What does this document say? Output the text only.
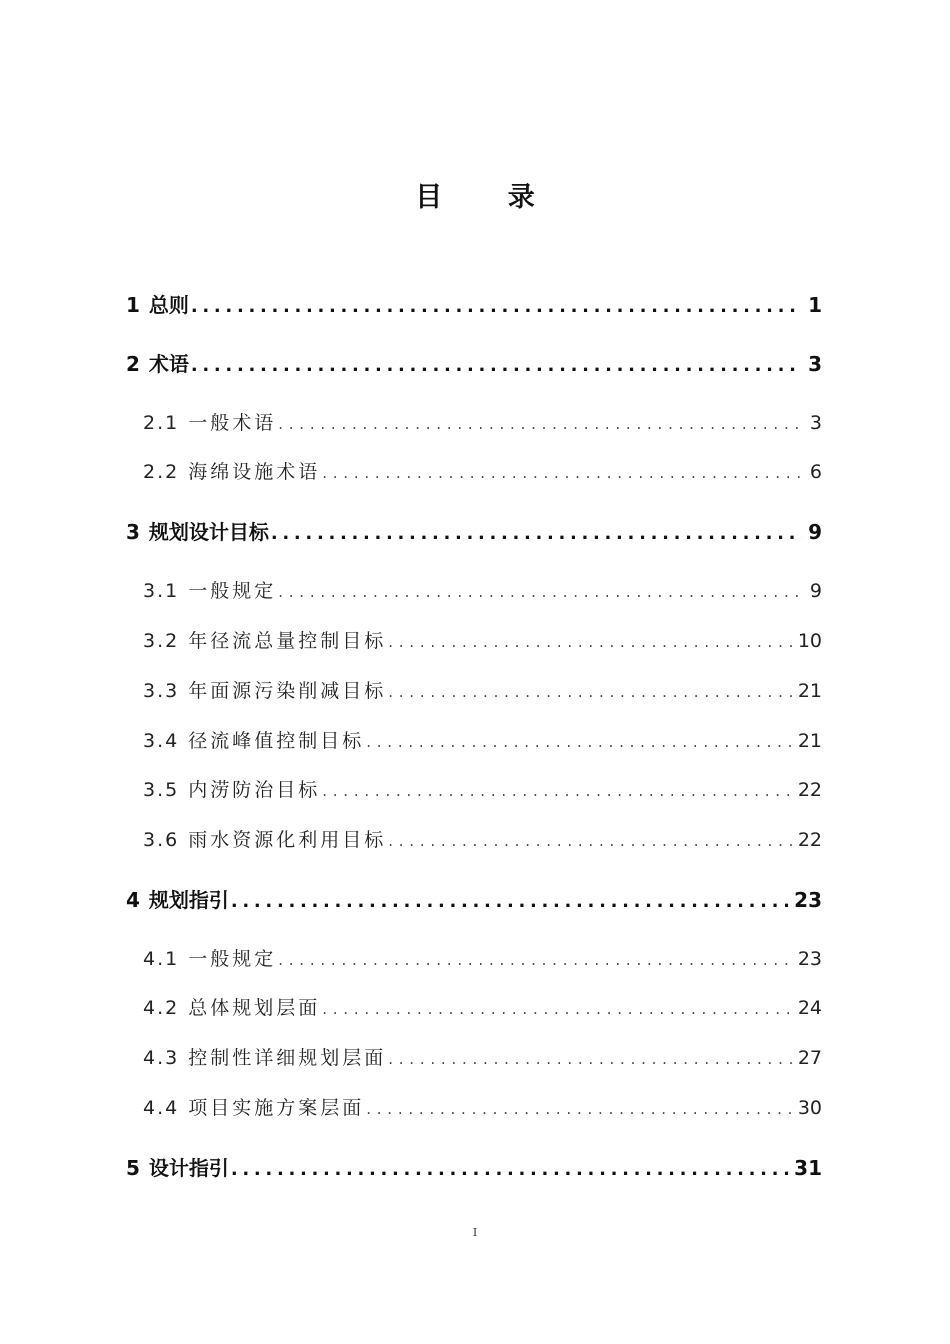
目 录
1 总则 . . .	1
2 术语 . . .	3
2.1 一般术语 . . .	3
2.2 海绵设施术语 . . .	6
3 规划设计目标 . . .	9
3.1 一般规定 . . .	9
3.2 年径流总量控制目标 . . .	10
3.3 年面源污染削减目标 . . .	21
3.4 径流峰值控制目标 . . .	21
3.5 内涝防治目标 . . .	22
3.6 雨水资源化利用目标 . . .	22
4 规划指引 . . .	23
4.1 一般规定 . . .	23
4.2 总体规划层面 . . .	24
4.3 控制性详细规划层面 . . .	27
4.4 项目实施方案层面 . . .	30
5 设计指引 . . .	31
I
